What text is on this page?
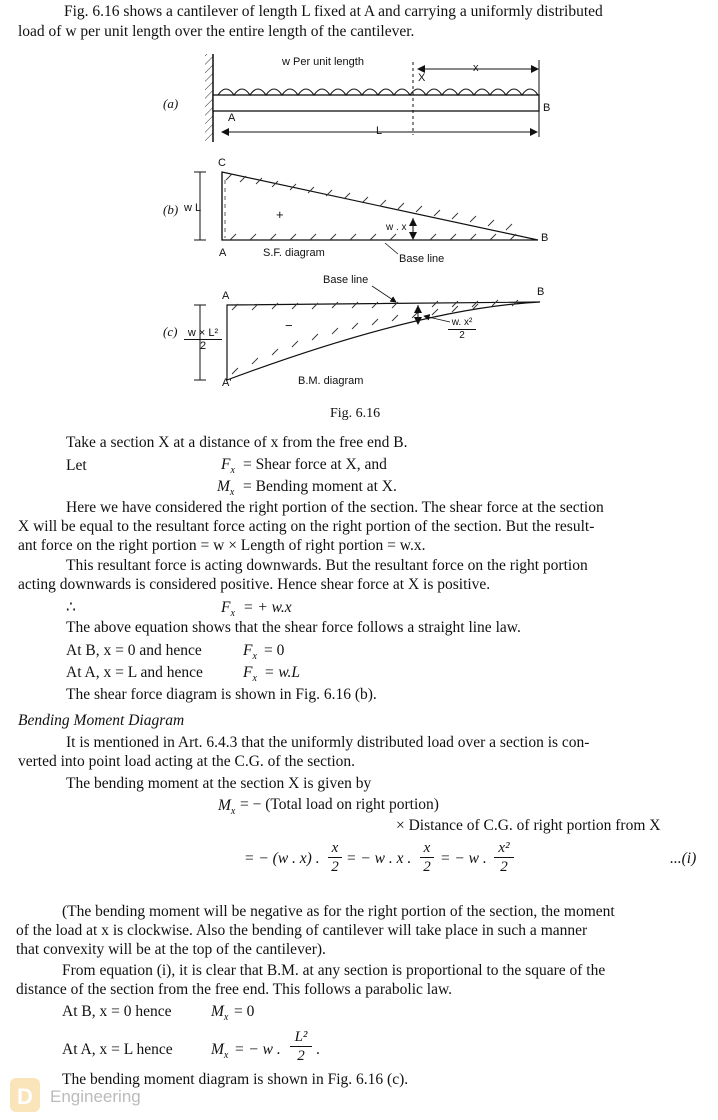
Fig. 6.16 shows a cantilever of length L fixed at A and carrying a uniformly distributed
load of w per unit length over the entire length of the cantilever.
(a)
w Per unit length
X
x
A
B
L
C
(b) w L	+
w . x
A	S.F. diagram	Base line
B
Base line
A	B
$(c) \frac{\text{w × L²}}{2}$
−	$\frac{\text{w. x²}}{2}$
A'	B.M. diagram
Fig. 6.16
Take a section X at a distance of x from the free end B.
Let	$F_x$ = Shear force at X, and
$M_x$ = Bending moment at X.
Here we have considered the right portion of the section. The shear force at the section
X will be equal to the resultant force acting on the right portion of the section. But the result-
ant force on the right portion = w × Length of right portion = w.x.
This resultant force is acting downwards. But the resultant force on the right portion
acting downwards is considered positive. Hence shear force at X is positive.
∴	$F_x$ = + w.x
The above equation shows that the shear force follows a straight line law.
At B, x = 0 and hence	$F_x = 0$
At A, x = L and hence	$F_x = w.L$
The shear force diagram is shown in Fig. 6.16 (b).
Bending Moment Diagram
It is mentioned in Art. 6.4.3 that the uniformly distributed load over a section is con-
verted into point load acting at the C.G. of the section.
The bending moment at the section X is given by
$M_x$ = − (Total load on right portion)
× Distance of C.G. of right portion from X
= − (w . x) .
x
2 = − w . x .
x
2 = − w .
x²
2	...(i)
(The bending moment will be negative as for the right portion of the section, the moment
of the load at x is clockwise. Also the bending of cantilever will take place in such a manner
that convexity will be at the top of the cantilever).
From equation (i), it is clear that B.M. at any section is proportional to the square of the
distance of the section from the free end. This follows a parabolic law.
At B, x = 0 hence	$M_x = 0$
At A, x = L hence $M_x$ = − w .
L²
2 .
The bending moment diagram is shown in Fig. 6.16 (c).
D Engineering
